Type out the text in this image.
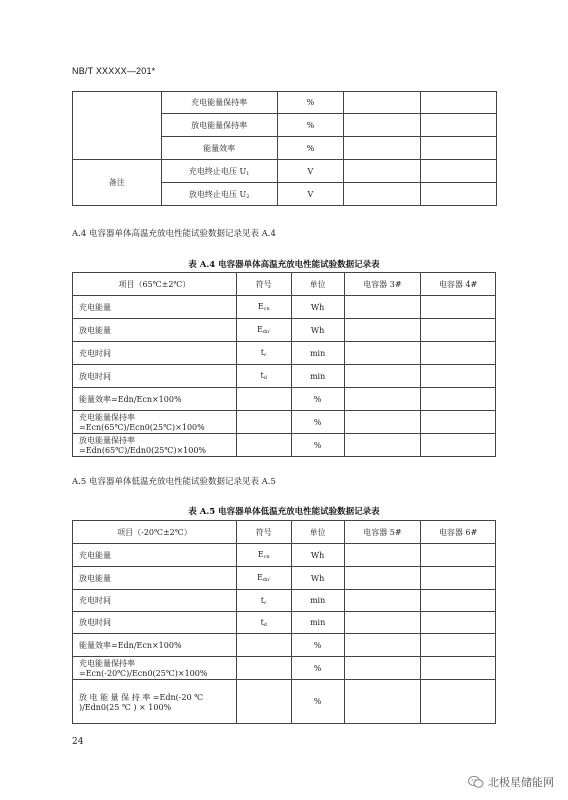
NB/T XXXXX—201*
	充电能量保持率	%		
	放电能量保持率	%		
	能量效率	%		
备注	充电终止电压 $U_1$	V		
	放电终止电压 $U_2$	V		
A.4 电容器单体高温充放电性能试验数据记录见表 A.4
表 A.4 电容器单体高温充放电性能试验数据记录表
项目（65℃±2℃）	符号	单位	电容器 3#	电容器 4#
充电能量	$E_{cn}$	Wh		
放电能量	$E_{dn'}$	Wh		
充电时间	$t_c$	min		
放电时间	$t_d$	min		
能量效率=Edn/Ecn×100%		%		
充电能量保持率=Ecn(65℃)/Ecn0(25℃)×100%		%		
放电能量保持率=Edn(65℃)/Edn0(25℃)×100%		%		
A.5 电容器单体低温充放电性能试验数据记录见表 A.5
表 A.5 电容器单体低温充放电性能试验数据记录表
项目（-20℃±2℃）	符号	单位	电容器 5#	电容器 6#
充电能量	$E_{cn}$	Wh		
放电能量	$E_{dn'}$	Wh		
充电时间	$t_c$	min		
放电时间	$t_d$	min		
能量效率=Edn/Ecn×100%		%		
充电能量保持率=Ecn(-20℃)/Ecn0(25℃)×100%		%		
放 电 能 量 保 持 率 =Edn(-20 ℃ )/Edn0(25 ℃ ) × 100%		%		
24
北极星储能网
